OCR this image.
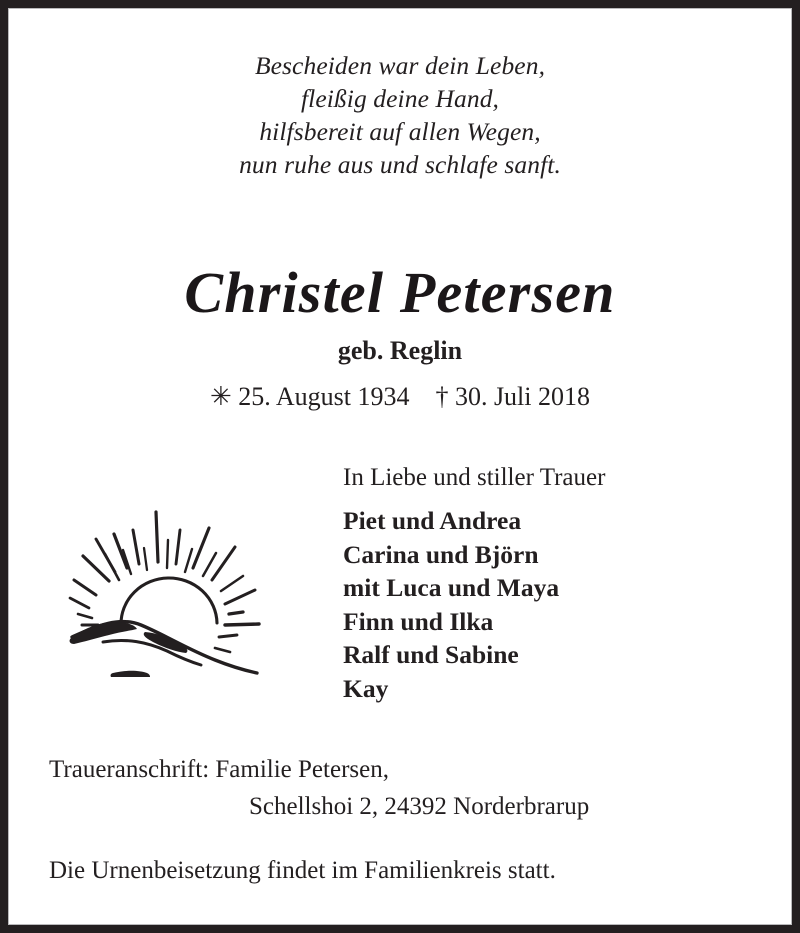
Bescheiden war dein Leben,
fleißig deine Hand,
hilfsbereit auf allen Wegen,
nun ruhe aus und schlafe sanft.
Christel Petersen
geb. Reglin
✳ 25. August 1934    † 30. Juli 2018
In Liebe und stiller Trauer
Piet und Andrea
Carina und Björn
mit Luca und Maya
Finn und Ilka
Ralf und Sabine
Kay
Traueranschrift: Familie Petersen,
Schellshoi 2, 24392 Norderbrarup
Die Urnenbeisetzung findet im Familienkreis statt.
